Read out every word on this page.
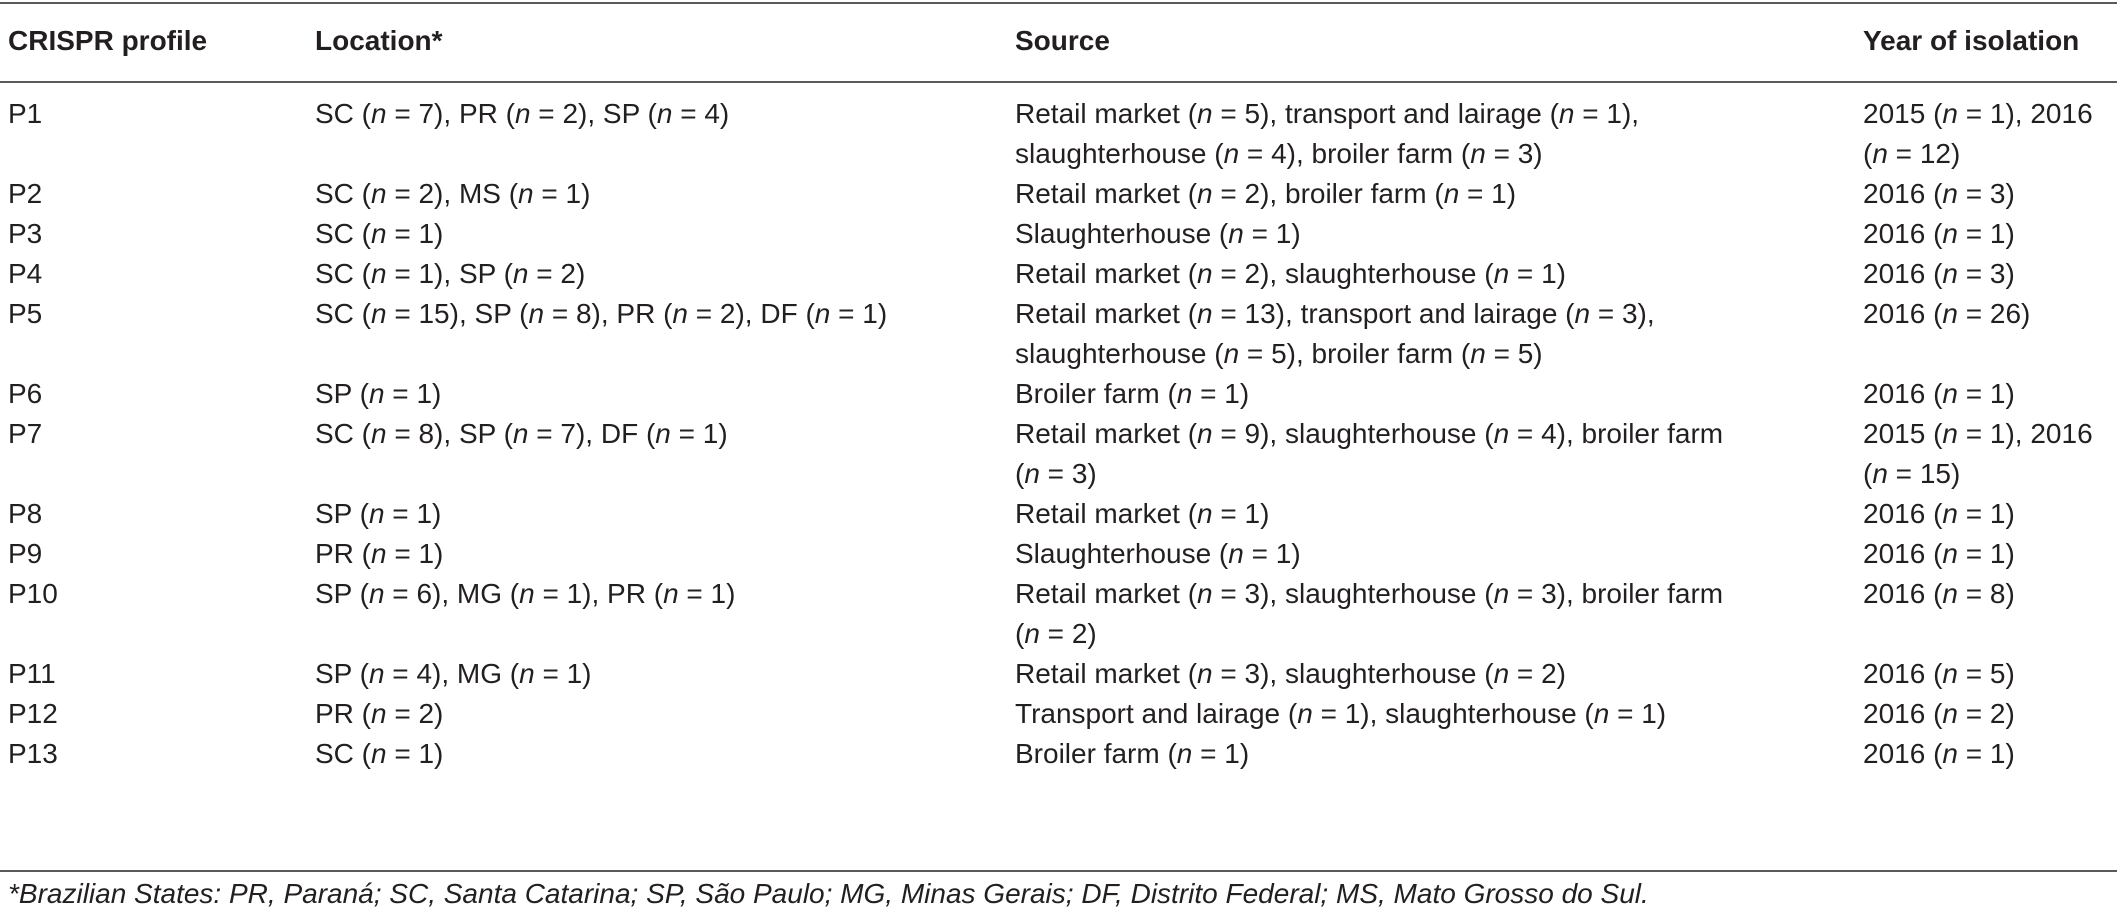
CRISPR profile	Location*	Source	Year of isolation
P1	SC (n = 7), PR (n = 2), SP (n = 4)	Retail market (n = 5), transport and lairage (n = 1),
slaughterhouse (n = 4), broiler farm (n = 3)	2015 (n = 1), 2016
(n = 12)
P2	SC (n = 2), MS (n = 1)	Retail market (n = 2), broiler farm (n = 1)	2016 (n = 3)
P3	SC (n = 1)	Slaughterhouse (n = 1)	2016 (n = 1)
P4	SC (n = 1), SP (n = 2)	Retail market (n = 2), slaughterhouse (n = 1)	2016 (n = 3)
P5	SC (n = 15), SP (n = 8), PR (n = 2), DF (n = 1)	Retail market (n = 13), transport and lairage (n = 3),
slaughterhouse (n = 5), broiler farm (n = 5)	2016 (n = 26)
P6	SP (n = 1)	Broiler farm (n = 1)	2016 (n = 1)
P7	SC (n = 8), SP (n = 7), DF (n = 1)	Retail market (n = 9), slaughterhouse (n = 4), broiler farm
(n = 3)	2015 (n = 1), 2016
(n = 15)
P8	SP (n = 1)	Retail market (n = 1)	2016 (n = 1)
P9	PR (n = 1)	Slaughterhouse (n = 1)	2016 (n = 1)
P10	SP (n = 6), MG (n = 1), PR (n = 1)	Retail market (n = 3), slaughterhouse (n = 3), broiler farm
(n = 2)	2016 (n = 8)
P11	SP (n = 4), MG (n = 1)	Retail market (n = 3), slaughterhouse (n = 2)	2016 (n = 5)
P12	PR (n = 2)	Transport and lairage (n = 1), slaughterhouse (n = 1)	2016 (n = 2)
P13	SC (n = 1)	Broiler farm (n = 1)	2016 (n = 1)
*Brazilian States: PR, Paraná; SC, Santa Catarina; SP, São Paulo; MG, Minas Gerais; DF, Distrito Federal; MS, Mato Grosso do Sul.
